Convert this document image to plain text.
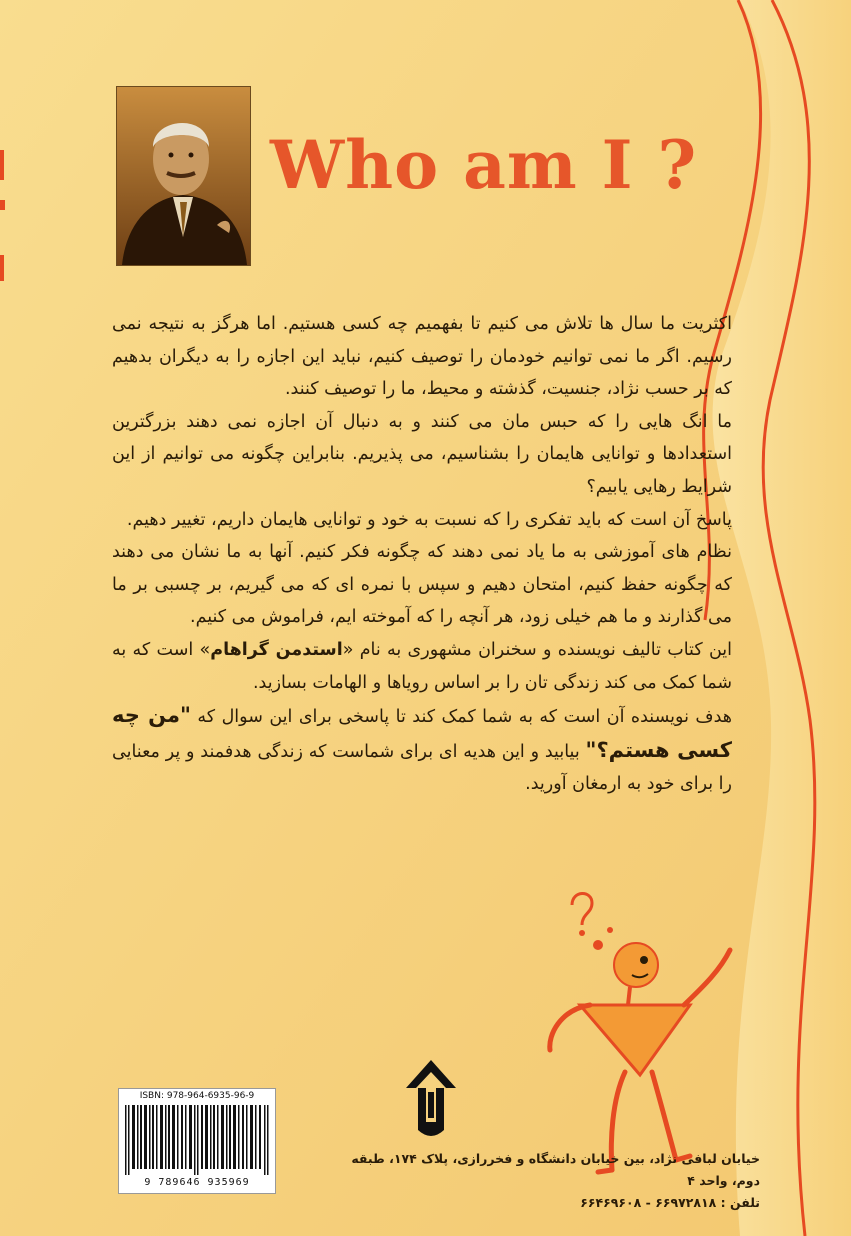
Who am I ?

اکثریت ما سال ها تلاش می کنیم تا بفهمیم چه کسی هستیم. اما هرگز به نتیجه نمی رسیم. اگر ما نمی توانیم خودمان را توصیف کنیم، نباید این اجازه را به دیگران بدهیم که بر حسب نژاد، جنسیت، گذشته و محیط، ما را توصیف کنند.

ما انگ هایی را که حبس مان می کنند و به دنبال آن اجازه نمی دهند بزرگترین استعدادها و توانایی هایمان را بشناسیم، می پذیریم. بنابراین چگونه می توانیم از این شرایط رهایی یابیم؟

پاسخ آن است که باید تفکری را که نسبت به خود و توانایی هایمان داریم، تغییر دهیم.

نظام های آموزشی به ما یاد نمی دهند که چگونه فکر کنیم. آنها به ما نشان می دهند که چگونه حفظ کنیم، امتحان دهیم و سپس با نمره ای که می گیریم، بر چسبی بر ما می گذارند و ما هم خیلی زود، هر آنچه را که آموخته ایم، فراموش می کنیم.

این کتاب تالیف نویسنده و سخنران مشهوری به نام «استدمن گراهام» است که به شما کمک می کند زندگی تان را بر اساس رویاها و الهامات بسازید.

هدف نویسنده آن است که به شما کمک کند تا پاسخی برای این سوال که "من چه کسی هستم؟" بیابید و این هدیه ای برای شماست که زندگی هدفمند و پر معنایی را برای خود به ارمغان آورید.

ISBN: 978-964-6935-96-9
9 789646 935969

خیابان لبافی نژاد، بین خیابان دانشگاه و فخررازی، پلاک ۱۷۴، طبقه دوم، واحد ۴

تلفن : ۶۶۹۷۲۸۱۸ - ۶۶۴۶۹۶۰۸
